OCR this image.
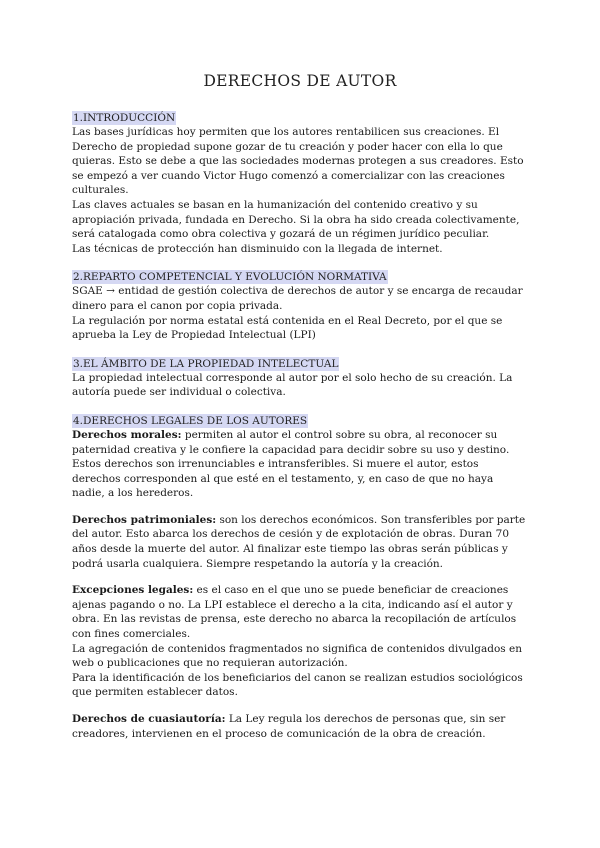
DERECHOS DE AUTOR
1.INTRODUCCIÓN

Las bases jurídicas hoy permiten que los autores rentabilicen sus creaciones. El Derecho de propiedad supone gozar de tu creación y poder hacer con ella lo que quieras. Esto se debe a que las sociedades modernas protegen a sus creadores. Esto se empezó a ver cuando Victor Hugo comenzó a comercializar con las creaciones culturales.

Las claves actuales se basan en la humanización del contenido creativo y su apropiación privada, fundada en Derecho. Si la obra ha sido creada colectivamente, será catalogada como obra colectiva y gozará de un régimen jurídico peculiar.

Las técnicas de protección han disminuido con la llegada de internet.

2.REPARTO COMPETENCIAL Y EVOLUCIÓN NORMATIVA

SGAE → entidad de gestión colectiva de derechos de autor y se encarga de recaudar dinero para el canon por copia privada.

La regulación por norma estatal está contenida en el Real Decreto, por el que se aprueba la Ley de Propiedad Intelectual (LPI)

3.EL ÁMBITO DE LA PROPIEDAD INTELECTUAL

La propiedad intelectual corresponde al autor por el solo hecho de su creación. La autoría puede ser individual o colectiva.

4.DERECHOS LEGALES DE LOS AUTORES

Derechos morales: permiten al autor el control sobre su obra, al reconocer su paternidad creativa y le confiere la capacidad para decidir sobre su uso y destino. Estos derechos son irrenunciables e intransferibles. Si muere el autor, estos derechos corresponden al que esté en el testamento, y, en caso de que no haya nadie, a los herederos.

Derechos patrimoniales: son los derechos económicos. Son transferibles por parte del autor. Esto abarca los derechos de cesión y de explotación de obras. Duran 70 años desde la muerte del autor. Al finalizar este tiempo las obras serán públicas y podrá usarla cualquiera. Siempre respetando la autoría y la creación.

Excepciones legales: es el caso en el que uno se puede beneficiar de creaciones ajenas pagando o no. La LPI establece el derecho a la cita, indicando así el autor y obra. En las revistas de prensa, este derecho no abarca la recopilación de artículos con fines comerciales.

La agregación de contenidos fragmentados no significa de contenidos divulgados en web o publicaciones que no requieran autorización.

Para la identificación de los beneficiarios del canon se realizan estudios sociológicos que permiten establecer datos.

Derechos de cuasiautoría: La Ley regula los derechos de personas que, sin ser creadores, intervienen en el proceso de comunicación de la obra de creación.
